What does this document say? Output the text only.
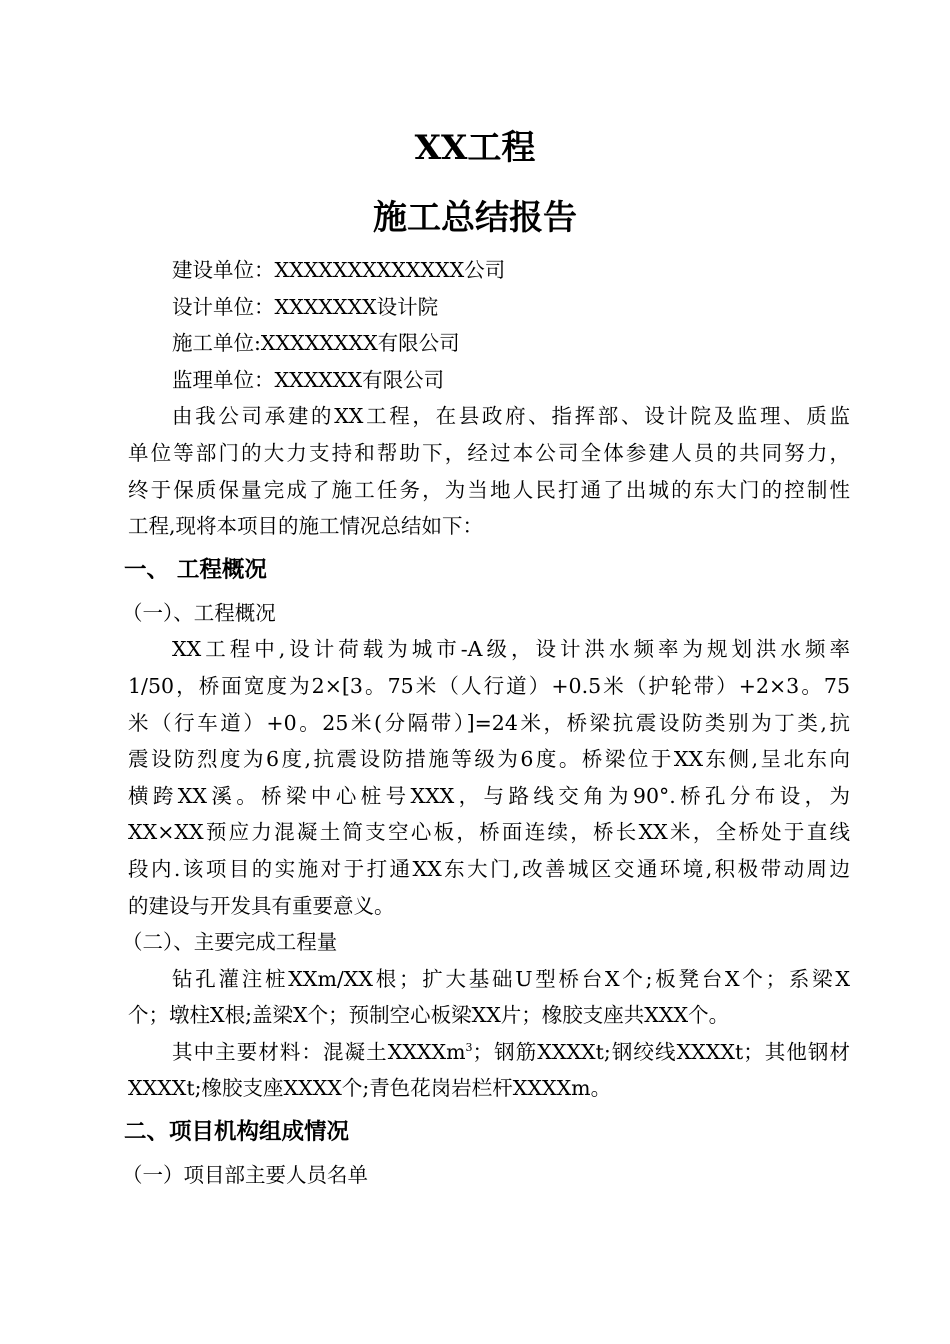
XX工程
施工总结报告
建设单位：XXXXXXXXXXXXX公司
设计单位：XXXXXXX设计院
施工单位:XXXXXXXX有限公司
监理单位：XXXXXX有限公司
由我公司承建的XX工程，在县政府、指挥部、设计院及监理、质监
单位等部门的大力支持和帮助下，经过本公司全体参建人员的共同努力，
终于保质保量完成了施工任务，为当地人民打通了出城的东大门的控制性
工程,现将本项目的施工情况总结如下：
一、 工程概况
（一）、工程概况
XX工程中,设计荷载为城市-A级，设计洪水频率为规划洪水频率
1/50，桥面宽度为2×[3。75米（人行道）+0.5米（护轮带）+2×3。75
米（行车道）+0。25米(分隔带）]=24米，桥梁抗震设防类别为丁类,抗
震设防烈度为6度,抗震设防措施等级为6度。桥梁位于XX东侧,呈北东向
横跨XX溪。桥梁中心桩号XXX，与路线交角为90°.桥孔分布设，为
XX×XX预应力混凝土简支空心板，桥面连续，桥长XX米，全桥处于直线
段内.该项目的实施对于打通XX东大门,改善城区交通环境,积极带动周边
的建设与开发具有重要意义。
（二）、主要完成工程量
钻孔灌注桩XXm/XX根；扩大基础U型桥台X个;板凳台X个；系梁X
个；墩柱X根;盖梁X个；预制空心板梁XX片；橡胶支座共XXX个。
其中主要材料：混凝土XXXXm$^3$；钢筋XXXXt;钢绞线XXXXt；其他钢材
XXXXt;橡胶支座XXXX个;青色花岗岩栏杆XXXXm。
二、项目机构组成情况
（一）项目部主要人员名单
